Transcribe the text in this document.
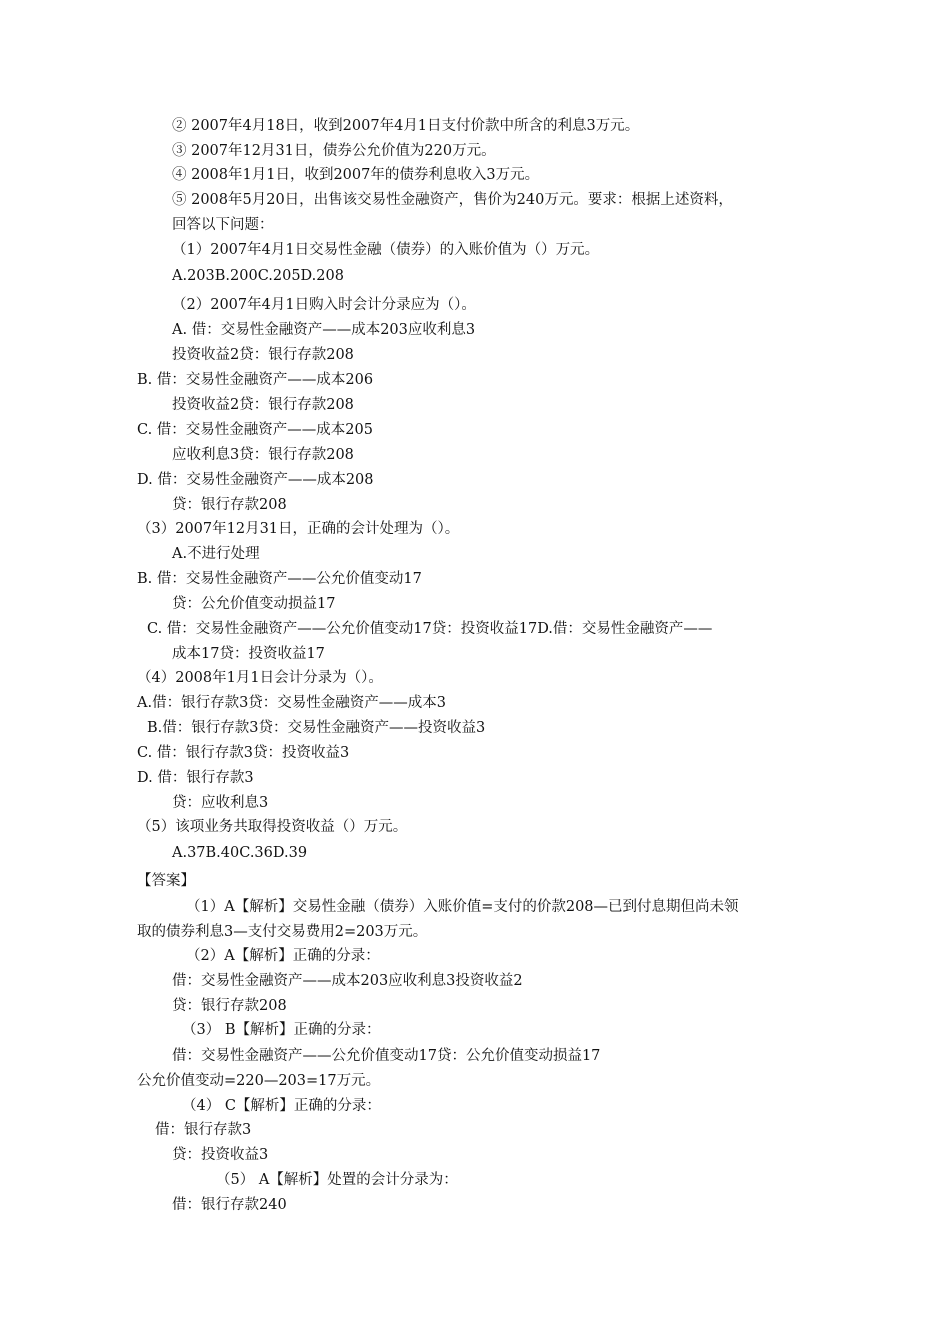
② 2007年4月18日，收到2007年4月1日支付价款中所含的利息3万元。
③ 2007年12月31日，债券公允价值为220万元。
④ 2008年1月1日，收到2007年的债券利息收入3万元。
⑤ 2008年5月20日，出售该交易性金融资产，售价为240万元。要求：根据上述资料，
回答以下问题：
（1）2007年4月1日交易性金融（债券）的入账价值为（）万元。
A.203B.200C.205D.208
（2）2007年4月1日购入时会计分录应为（）。
A. 借：交易性金融资产——成本203应收利息3
投资收益2贷：银行存款208
B. 借：交易性金融资产——成本206
投资收益2贷：银行存款208
C. 借：交易性金融资产——成本205
应收利息3贷：银行存款208
D. 借：交易性金融资产——成本208
贷：银行存款208
（3）2007年12月31日，正确的会计处理为（）。
A.不进行处理
B. 借：交易性金融资产——公允价值变动17
贷：公允价值变动损益17
C. 借：交易性金融资产——公允价值变动17贷：投资收益17D.借：交易性金融资产——
成本17贷：投资收益17
（4）2008年1月1日会计分录为（）。
A.借：银行存款3贷：交易性金融资产——成本3
B.借：银行存款3贷：交易性金融资产——投资收益3
C. 借：银行存款3贷：投资收益3
D. 借：银行存款3
贷：应收利息3
（5）该项业务共取得投资收益（）万元。
A.37B.40C.36D.39
【答案】
（1）A【解析】交易性金融（债券）入账价值=支付的价款208—已到付息期但尚未领
取的债券利息3—支付交易费用2=203万元。
（2）A【解析】正确的分录：
借：交易性金融资产——成本203应收利息3投资收益2
贷：银行存款208
（3） B【解析】正确的分录：
借：交易性金融资产——公允价值变动17贷：公允价值变动损益17
公允价值变动=220—203=17万元。
（4） C【解析】正确的分录：
借：银行存款3
贷：投资收益3
（5） A【解析】处置的会计分录为：
借：银行存款240
